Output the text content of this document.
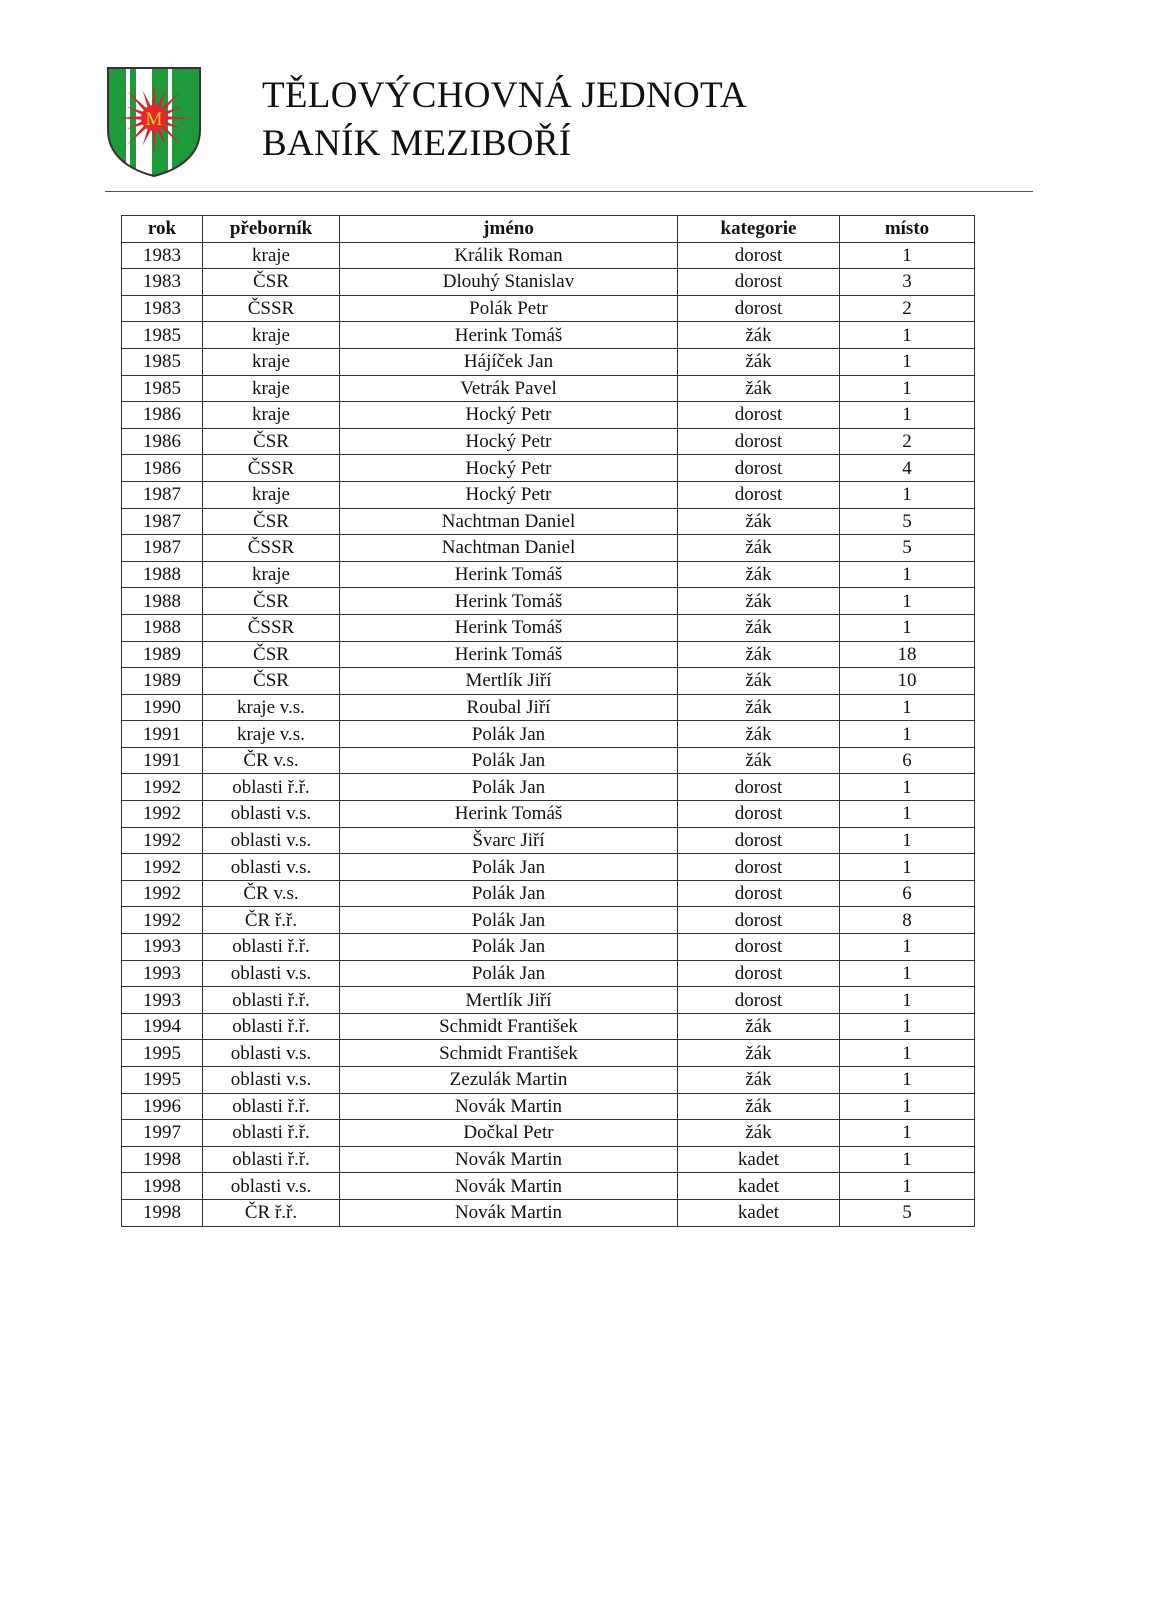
M
TĚLOVÝCHOVNÁ JEDNOTA
BANÍK MEZIBOŘÍ
rok	přeborník	jméno	kategorie	místo
1983	kraje	Králik Roman	dorost	1
1983	ČSR	Dlouhý Stanislav	dorost	3
1983	ČSSR	Polák Petr	dorost	2
1985	kraje	Herink Tomáš	žák	1
1985	kraje	Hájíček Jan	žák	1
1985	kraje	Vetrák Pavel	žák	1
1986	kraje	Hocký Petr	dorost	1
1986	ČSR	Hocký Petr	dorost	2
1986	ČSSR	Hocký Petr	dorost	4
1987	kraje	Hocký Petr	dorost	1
1987	ČSR	Nachtman Daniel	žák	5
1987	ČSSR	Nachtman Daniel	žák	5
1988	kraje	Herink Tomáš	žák	1
1988	ČSR	Herink Tomáš	žák	1
1988	ČSSR	Herink Tomáš	žák	1
1989	ČSR	Herink Tomáš	žák	18
1989	ČSR	Mertlík Jiří	žák	10
1990	kraje v.s.	Roubal Jiří	žák	1
1991	kraje v.s.	Polák Jan	žák	1
1991	ČR v.s.	Polák Jan	žák	6
1992	oblasti ř.ř.	Polák Jan	dorost	1
1992	oblasti v.s.	Herink Tomáš	dorost	1
1992	oblasti v.s.	Švarc Jiří	dorost	1
1992	oblasti v.s.	Polák Jan	dorost	1
1992	ČR v.s.	Polák Jan	dorost	6
1992	ČR ř.ř.	Polák Jan	dorost	8
1993	oblasti ř.ř.	Polák Jan	dorost	1
1993	oblasti v.s.	Polák Jan	dorost	1
1993	oblasti ř.ř.	Mertlík Jiří	dorost	1
1994	oblasti ř.ř.	Schmidt František	žák	1
1995	oblasti v.s.	Schmidt František	žák	1
1995	oblasti v.s.	Zezulák Martin	žák	1
1996	oblasti ř.ř.	Novák Martin	žák	1
1997	oblasti ř.ř.	Dočkal Petr	žák	1
1998	oblasti ř.ř.	Novák Martin	kadet	1
1998	oblasti v.s.	Novák Martin	kadet	1
1998	ČR ř.ř.	Novák Martin	kadet	5
